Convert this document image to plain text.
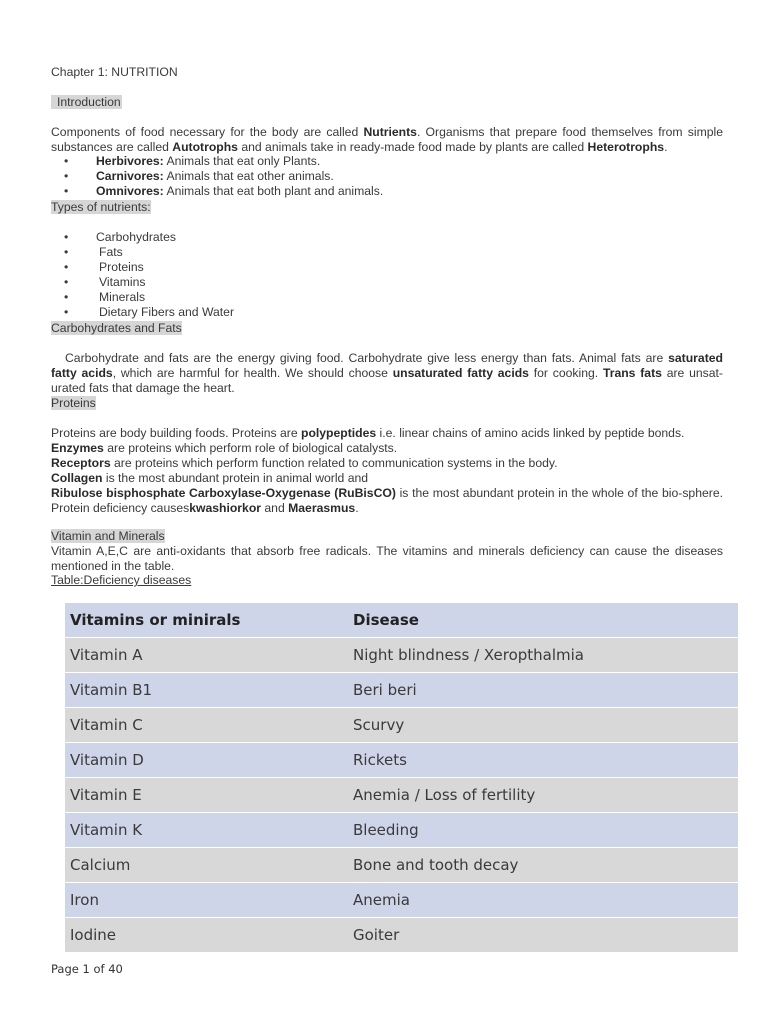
Chapter 1: NUTRITION
Introduction
Components of food necessary for the body are called Nutrients. Organisms that prepare food themselves from simple substances are called Autotrophs and animals take in ready-made food made by plants are called Heterotrophs.
• Herbivores: Animals that eat only Plants.
• Carnivores: Animals that eat other animals.
• Omnivores: Animals that eat both plant and animals.
Types of nutrients:
• Carbohydrates
•	Fats
•	Proteins
•	Vitamins
•	Minerals
•	Dietary Fibers and Water
Carbohydrates and Fats
Carbohydrate and fats are the energy giving food. Carbohydrate give less energy than fats. Animal fats are saturated fatty acids, which are harmful for health. We should choose unsaturated fatty acids for cooking. Trans fats are unsat-urated fats that damage the heart.
Proteins
Proteins are body building foods. Proteins are polypeptides i.e. linear chains of amino acids linked by peptide bonds.
Enzymes are proteins which perform role of biological catalysts.
Receptors are proteins which perform function related to communication systems in the body.
Collagen is the most abundant protein in animal world and
Ribulose bisphosphate Carboxylase-Oxygenase (RuBisCO) is the most abundant protein in the whole of the bio-sphere. Protein deficiency causeskwashiorkor and Maerasmus.
Vitamin and Minerals
Vitamin A,E,C are anti-oxidants that absorb free radicals. The vitamins and minerals deficiency can cause the diseases mentioned in the table.
Table:Deficiency diseases
Vitamins or minirals	Disease
Vitamin A	Night blindness / Xeropthalmia
Vitamin B1	Beri beri
Vitamin C	Scurvy
Vitamin D	Rickets
Vitamin E	Anemia / Loss of fertility
Vitamin K	Bleeding
Calcium	Bone and tooth decay
Iron	Anemia
Iodine	Goiter
Page 1 of 40
